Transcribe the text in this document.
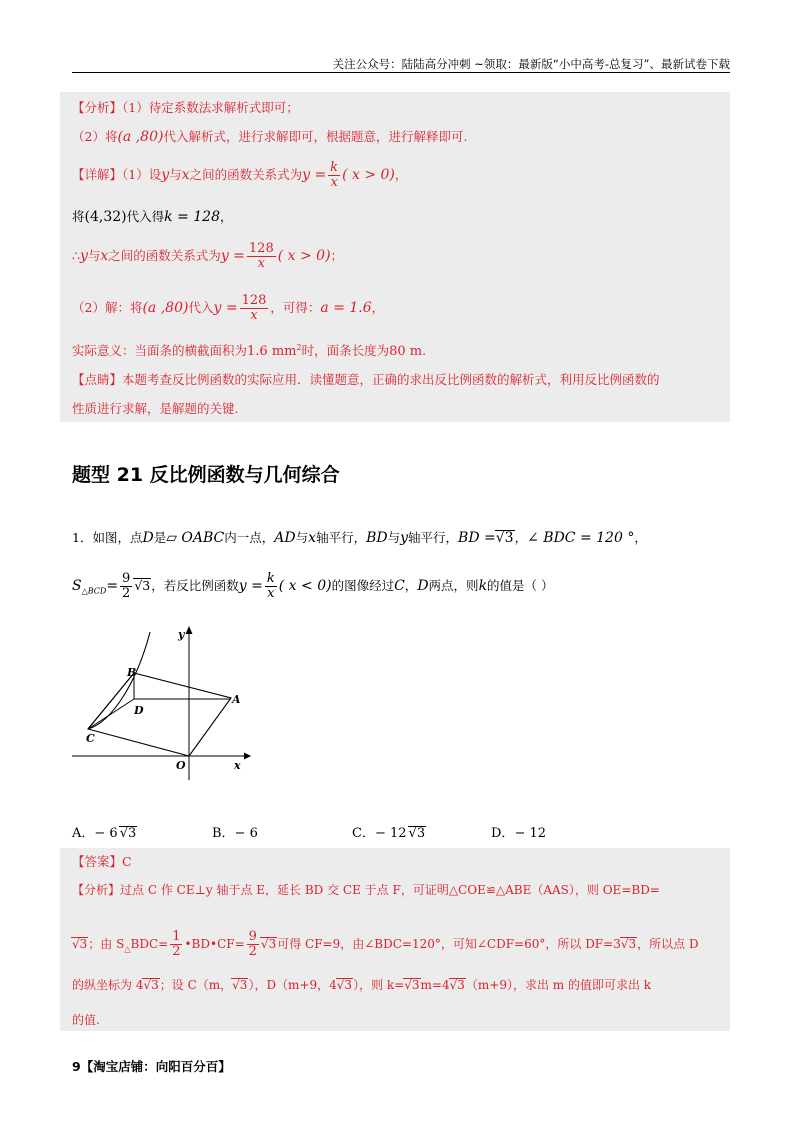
关注公众号：陆陆高分冲刺 ~领取：最新版“小中高考-总复习”、最新试卷下载
【分析】（1）待定系数法求解析式即可；
（2）将(a ,80)代入解析式，进行求解即可，根据题意，进行解释即可.
【详解】（1）设y与x之间的函数关系式为$y = \frac{k}{x}$ ( x > 0)，
将(4,32)代入得k = 128，
∴y与x之间的函数关系式为$y = \frac{128}{x}$ ( x > 0)；
（2）解：将(a ,80)代入$y = \frac{128}{x}$ ，可得：a = 1.6，
实际意义：当面条的横截面积为1.6 $mm^2$时，面条长度为80 m.
【点睛】本题考查反比例函数的实际应用．读懂题意，正确的求出反比例函数的解析式，利用反比例函数的
性质进行求解，是解题的关键.
题型 21 反比例函数与几何综合
1．如图，点D是▱ OABC内一点，AD与x轴平行，BD与y轴平行，BD =√3，∠ BDC = 120 °，
$S_{\triangle BCD}= \frac{9}{2} √3$，若反比例函数$y = \frac{k}{x}$ ( x < 0)的图像经过C，D两点，则k的值是（ ）
y
B
A
D
C
O	x
A．− 6 √3	B．− 6	C．− 12 √3	D．− 12
【答案】C
【分析】过点 C 作 CE⊥y 轴于点 E，延长 BD 交 CE 于点 F，可证明△COE≌△ABE（AAS），则 OE=BD=
√3；由 $S_\triangle BDC= \frac{1}{2}$ •BD•CF= $\frac{9}{2} √3$可得 CF=9，由∠BDC=120°，可知∠CDF=60°，所以 DF=3√3，所以点 D
的纵坐标为 4√3；设 C（m，√3），D（m+9，4√3），则 k=√3m=4√3（m+9），求出 m 的值即可求出 k
的值.
9【淘宝店铺：向阳百分百】
